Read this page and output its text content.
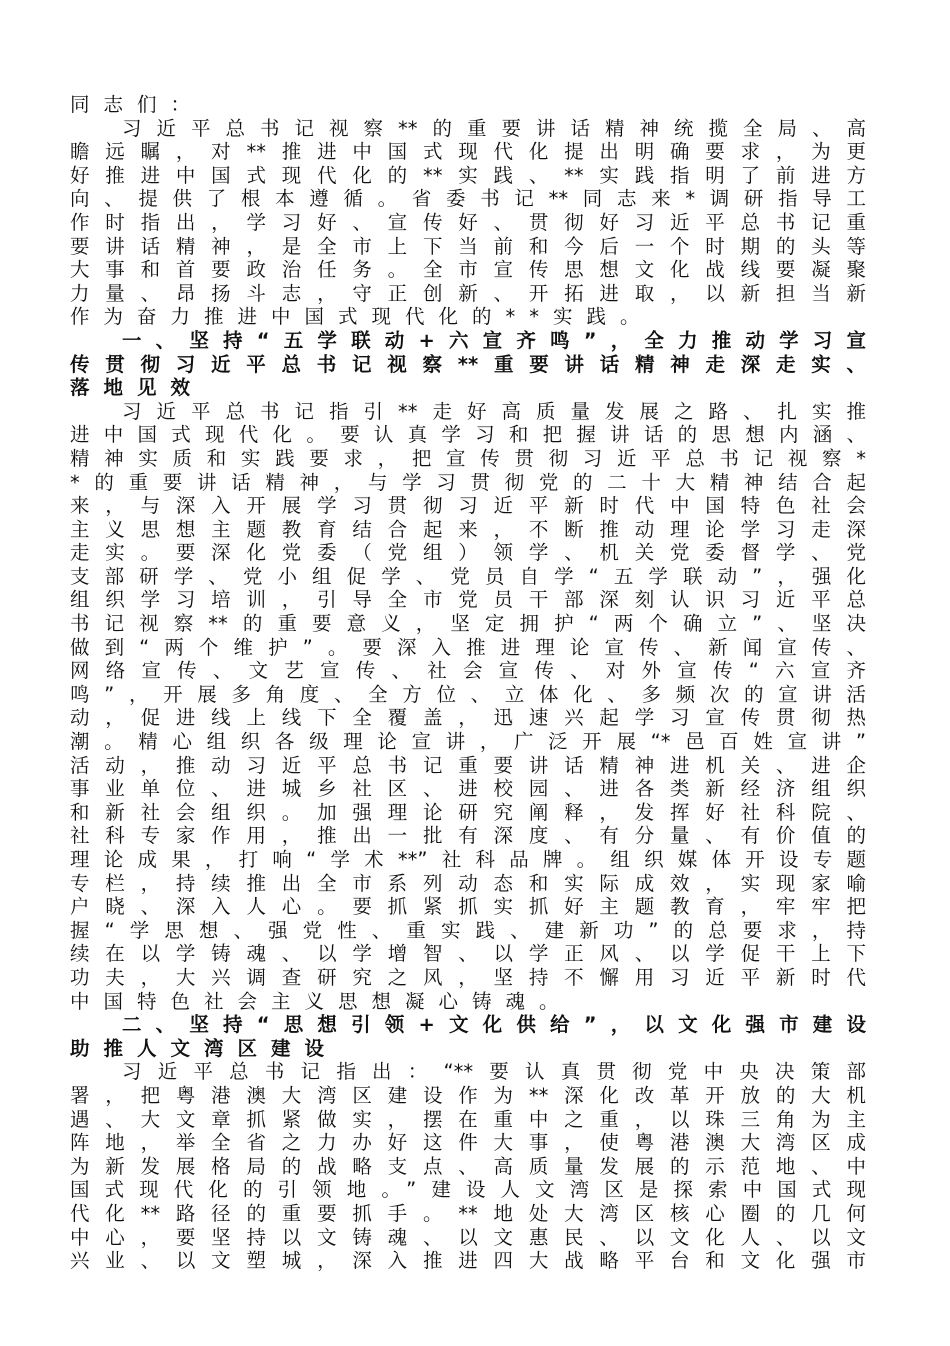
同志们：
习近平总书记视察**的重要讲话精神统揽全局、高
瞻远瞩，对**推进中国式现代化提出明确要求，为更
好推进中国式现代化的**实践、**实践指明了前进方
向、提供了根本遵循。省委书记**同志来*调研指导工
作时指出，学习好、宣传好、贯彻好习近平总书记重
要讲话精神，是全市上下当前和今后一个时期的头等
大事和首要政治任务。全市宣传思想文化战线要凝聚
力量、昂扬斗志，守正创新、开拓进取，以新担当新
作为奋力推进中国式现代化的**实践。
一、坚持“五学联动+六宣齐鸣”，全力推动学习宣
传贯彻习近平总书记视察**重要讲话精神走深走实、
落地见效
习近平总书记指引**走好高质量发展之路、扎实推
进中国式现代化。要认真学习和把握讲话的思想内涵、
精神实质和实践要求，把宣传贯彻习近平总书记视察*
*的重要讲话精神，与学习贯彻党的二十大精神结合起
来，与深入开展学习贯彻习近平新时代中国特色社会
主义思想主题教育结合起来，不断推动理论学习走深
走实。要深化党委（党组）领学、机关党委督学、党
支部研学、党小组促学、党员自学“五学联动”，强化
组织学习培训，引导全市党员干部深刻认识习近平总
书记视察**的重要意义，坚定拥护“两个确立”、坚决
做到“两个维护”。要深入推进理论宣传、新闻宣传、
网络宣传、文艺宣传、社会宣传、对外宣传“六宣齐
鸣”，开展多角度、全方位、立体化、多频次的宣讲活
动，促进线上线下全覆盖，迅速兴起学习宣传贯彻热
潮。精心组织各级理论宣讲，广泛开展“*邑百姓宣讲”
活动，推动习近平总书记重要讲话精神进机关、进企
事业单位、进城乡社区、进校园、进各类新经济组织
和新社会组织。加强理论研究阐释，发挥好社科院、
社科专家作用，推出一批有深度、有分量、有价值的
理论成果，打响“学术**”社科品牌。组织媒体开设专题
专栏，持续推出全市系列动态和实际成效，实现家喻
户晓、深入人心。要抓紧抓实抓好主题教育，牢牢把
握“学思想、强党性、重实践、建新功”的总要求，持
续在以学铸魂、以学增智、以学正风、以学促干上下
功夫，大兴调查研究之风，坚持不懈用习近平新时代
中国特色社会主义思想凝心铸魂。
二、坚持“思想引领+文化供给”，以文化强市建设
助推人文湾区建设
习近平总书记指出：“**要认真贯彻党中央决策部
署，把粤港澳大湾区建设作为**深化改革开放的大机
遇、大文章抓紧做实，摆在重中之重，以珠三角为主
阵地，举全省之力办好这件大事，使粤港澳大湾区成
为新发展格局的战略支点、高质量发展的示范地、中
国式现代化的引领地。”建设人文湾区是探索中国式现
代化**路径的重要抓手。**地处大湾区核心圈的几何
中心，要坚持以文铸魂、以文惠民、以文化人、以文
兴业、以文塑城，深入推进四大战略平台和文化强市
